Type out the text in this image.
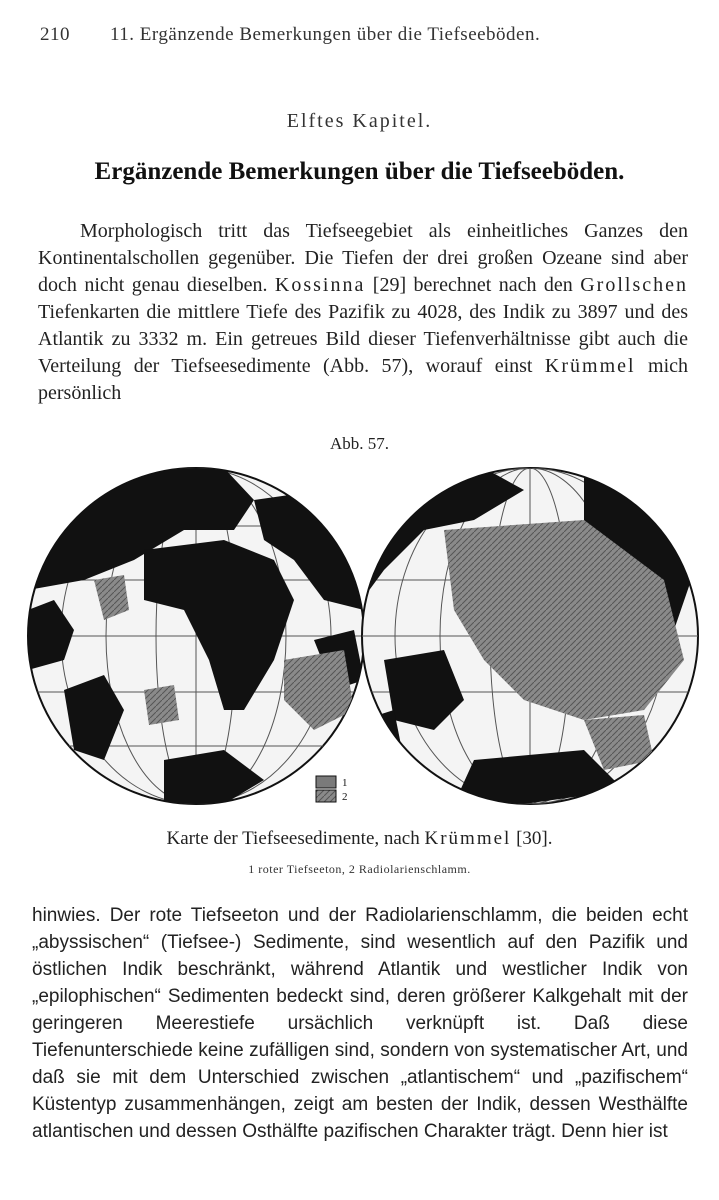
210 11. Ergänzende Bemerkungen über die Tiefseeböden.
Elftes Kapitel.
Ergänzende Bemerkungen über die Tiefseeböden.
Morphologisch tritt das Tiefseegebiet als einheitliches Ganzes den Kontinentalschollen gegenüber. Die Tiefen der drei großen Ozeane sind aber doch nicht genau dieselben. Kossinna [29] berechnet nach den Grollschen Tiefenkarten die mittlere Tiefe des Pazifik zu 4028, des Indik zu 3897 und des Atlantik zu 3332 m. Ein getreues Bild dieser Tiefenverhältnisse gibt auch die Verteilung der Tiefseesedimente (Abb. 57), worauf einst Krümmel mich persönlich
Abb. 57.
1
2
Karte der Tiefseesedimente, nach Krümmel [30].
1 roter Tiefseeton, 2 Radiolarienschlamm.
hinwies. Der rote Tiefseeton und der Radiolarienschlamm, die beiden echt „abyssischen“ (Tiefsee-) Sedimente, sind wesentlich auf den Pazifik und östlichen Indik beschränkt, während Atlantik und westlicher Indik von „epilophischen“ Sedimenten bedeckt sind, deren größerer Kalkgehalt mit der geringeren Meerestiefe ursächlich verknüpft ist. Daß diese Tiefenunterschiede keine zufälligen sind, sondern von systematischer Art, und daß sie mit dem Unterschied zwischen „atlantischem“ und „pazifischem“ Küstentyp zusammenhängen, zeigt am besten der Indik, dessen Westhälfte atlantischen und dessen Osthälfte pazifischen Charakter trägt. Denn hier ist
